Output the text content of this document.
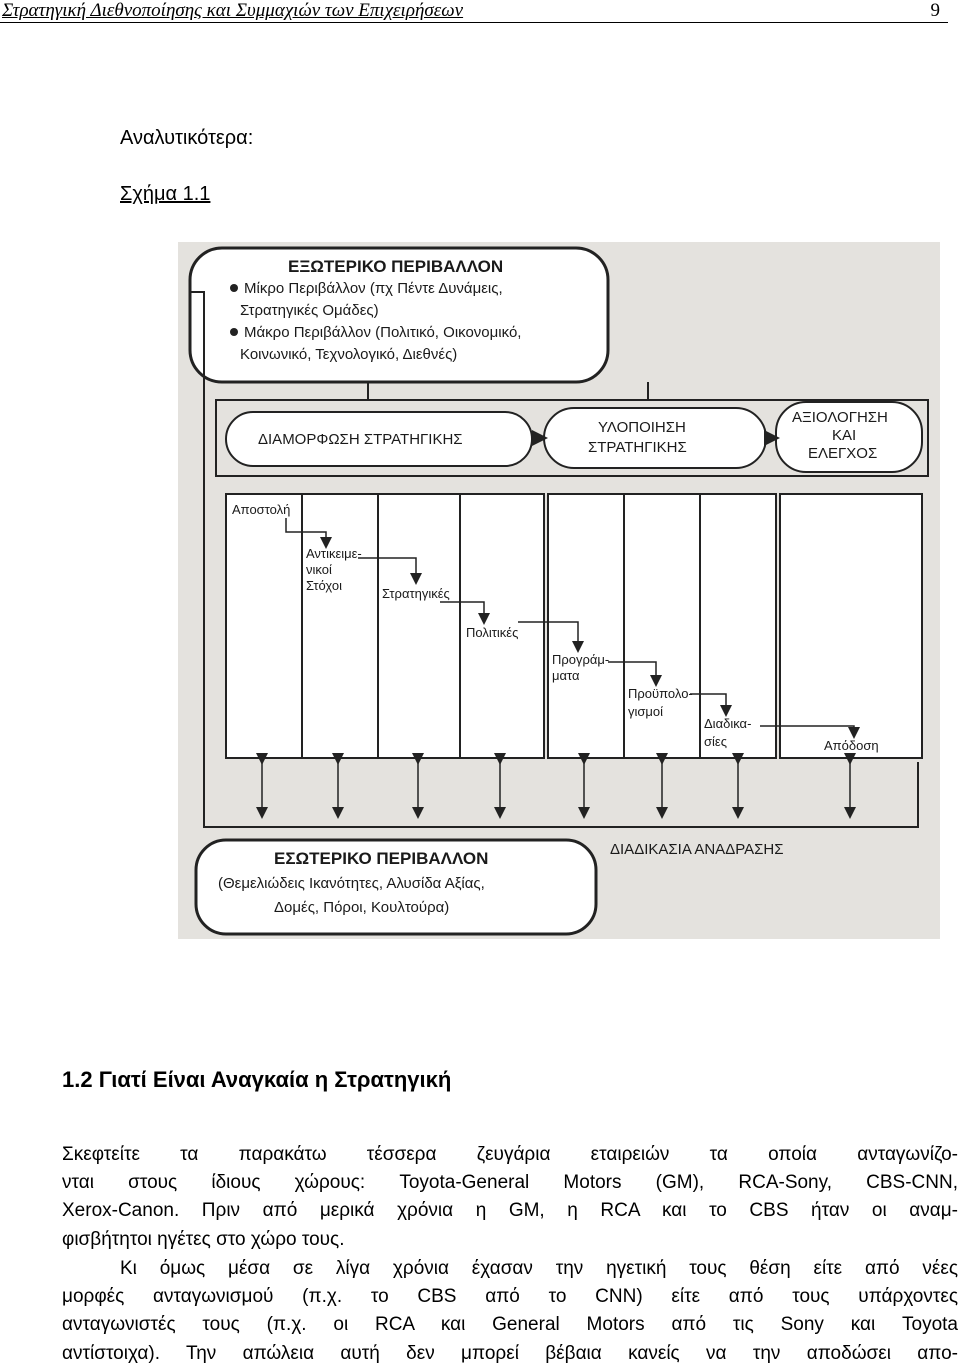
Στρατηγική Διεθνοποίησης και Συμμαχιών των Επιχειρήσεων	9
Αναλυτικότερα:
Σχήμα 1.1
ΕΞΩΤΕΡΙΚΟ ΠΕΡΙΒΑΛΛΟΝ
Μίκρο Περιβάλλον (πχ Πέντε Δυνάμεις,
Στρατηγικές Ομάδες)
Μάκρο Περιβάλλον (Πολιτικό, Οικονομικό,
Κοινωνικό, Τεχνολογικό, Διεθνές)
ΔΙΑΜΟΡΦΩΣΗ ΣΤΡΑΤΗΓΙΚΗΣ
ΥΛΟΠΟΙΗΣΗ
ΣΤΡΑΤΗΓΙΚΗΣ
ΑΞΙΟΛΟΓΗΣΗ
ΚΑΙ
ΕΛΕΓΧΟΣ
Αποστολή
Αντικειμε-
νικοί
Στόχοι
Στρατηγικές
Πολιτικές
Προγράμ-
ματα
Προϋπολο-
γισμοί
Διαδικα-
σίες	Απόδοση
ΔΙΑΔΙΚΑΣΙΑ ΑΝΑΔΡΑΣΗΣ
ΕΣΩΤΕΡΙΚΟ ΠΕΡΙΒΑΛΛΟΝ
(Θεμελιώδεις Ικανότητες, Αλυσίδα Αξίας,
Δομές, Πόροι, Κουλτούρα)
1.2 Γιατί Είναι Αναγκαία η Στρατηγική
Σκεφτείτε τα παρακάτω τέσσερα ζευγάρια εταιρειών τα οποία ανταγωνίζο-
νται στους ίδιους χώρους: Toyota-General Motors (GM), RCA-Sony, CBS-CNN,
Xerox-Canon. Πριν από μερικά χρόνια η GM, η RCA και το CBS ήταν οι αναμ-
φισβήτητοι ηγέτες στο χώρο τους.
Κι όμως μέσα σε λίγα χρόνια έχασαν την ηγετική τους θέση είτε από νέες
μορφές ανταγωνισμού (π.χ. το CBS από το CNN) είτε από τους υπάρχοντες
ανταγωνιστές τους (π.χ. οι RCA και General Motors από τις Sony και Toyota
αντίστοιχα). Την απώλεια αυτή δεν μπορεί βέβαια κανείς να την αποδώσει απο-
